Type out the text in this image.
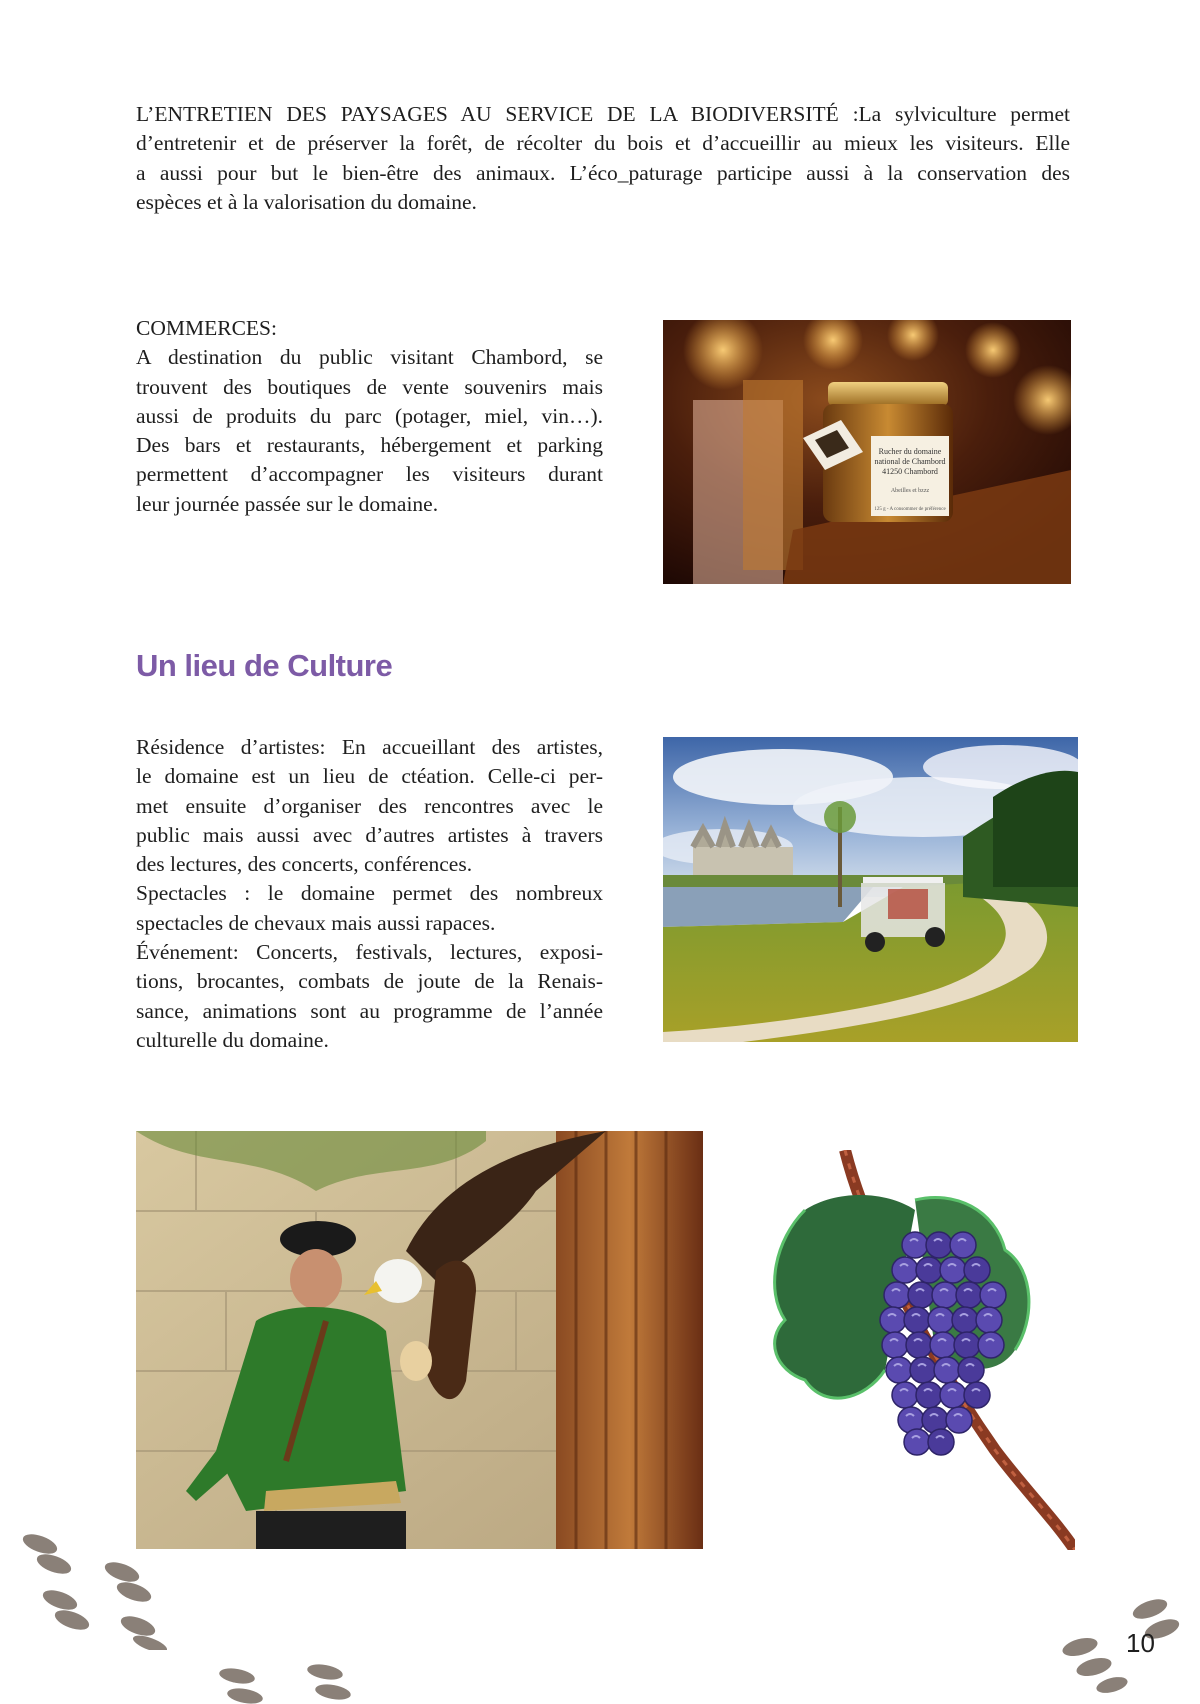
L’ENTRETIEN DES PAYSAGES AU SERVICE DE LA BIODIVERSITÉ :La sylviculture permet
d’entretenir et de préserver la forêt, de récolter du bois et d’accueillir au mieux les visiteurs. Elle
a aussi pour but le bien-être des animaux. L’éco_paturage participe aussi à la conservation des
espèces et à la valorisation du domaine.
COMMERCES:
A destination du public visitant Chambord, se
trouvent des boutiques de vente souvenirs mais
aussi de produits du parc (potager, miel, vin…).
Des bars et restaurants, hébergement et parking
permettent d’accompagner les visiteurs durant
leur journée passée sur le domaine.
Rucher du domaine
national de Chambord
41250 Chambord
Abeilles et bzzz
125 g - A consommer de préférence
Un lieu de Culture
Résidence d’artistes: En accueillant des artistes,
le domaine est un lieu de ctéation. Celle-ci per-
met ensuite d’organiser des rencontres avec le
public mais aussi avec d’autres artistes à travers
des lectures, des concerts, conférences.
Spectacles : le domaine permet des nombreux
spectacles de chevaux mais aussi rapaces.
Événement: Concerts, festivals, lectures, exposi-
tions, brocantes, combats de joute de la Renais-
sance, animations sont au programme de l’année
culturelle du domaine.
10
